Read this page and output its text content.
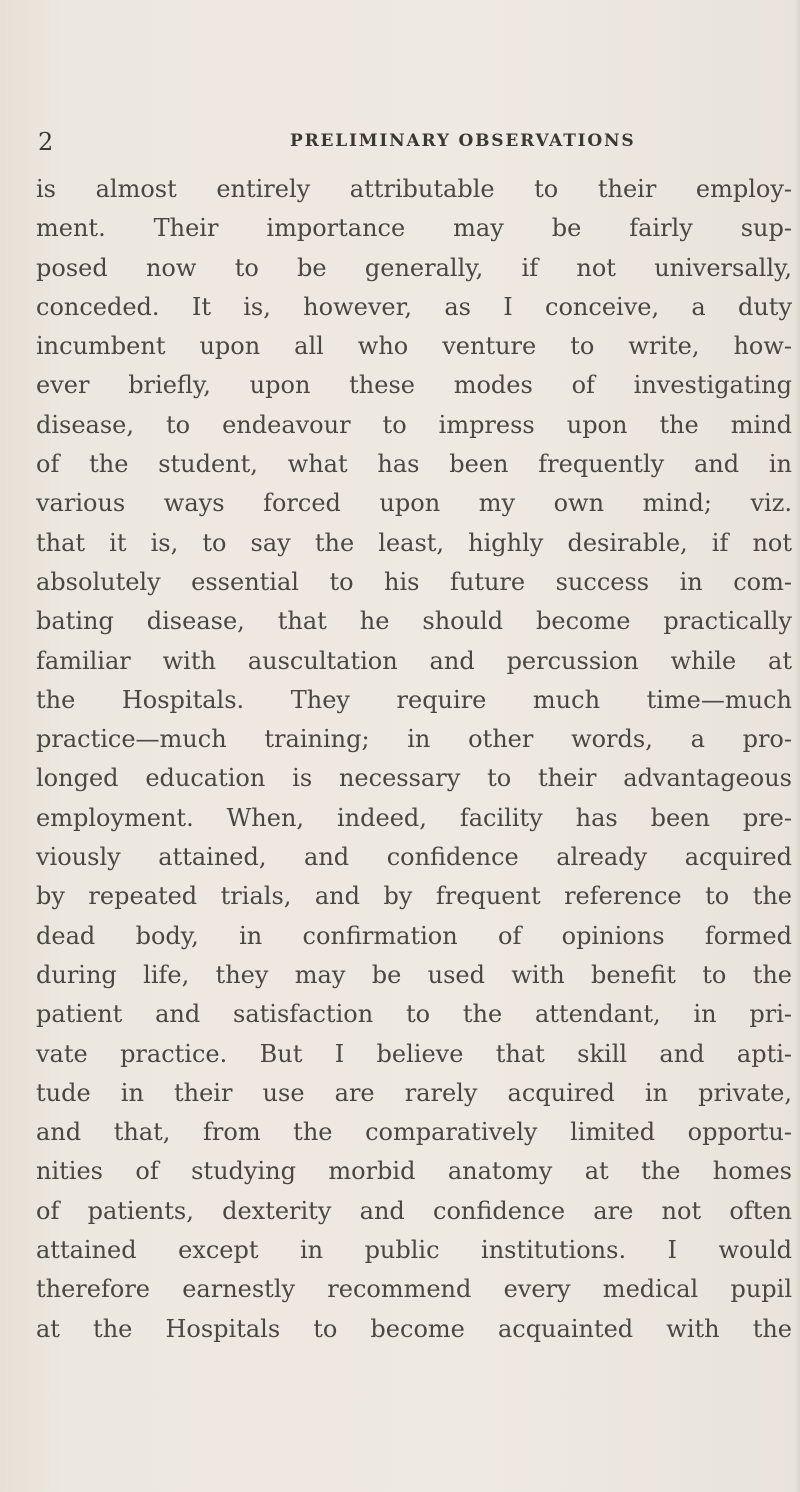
2	PRELIMINARY OBSERVATIONS
is almost entirely attributable to their employ-
ment. Their importance may be fairly sup-
posed now to be generally, if not universally,
conceded. It is, however, as I conceive, a duty
incumbent upon all who venture to write, how-
ever briefly, upon these modes of investigating
disease, to endeavour to impress upon the mind
of the student, what has been frequently and in
various ways forced upon my own mind; viz.
that it is, to say the least, highly desirable, if not
absolutely essential to his future success in com-
bating disease, that he should become practically
familiar with auscultation and percussion while at
the Hospitals. They require much time—much
practice—much training; in other words, a pro-
longed education is necessary to their advantageous
employment. When, indeed, facility has been pre-
viously attained, and confidence already acquired
by repeated trials, and by frequent reference to the
dead body, in confirmation of opinions formed
during life, they may be used with benefit to the
patient and satisfaction to the attendant, in pri-
vate practice. But I believe that skill and apti-
tude in their use are rarely acquired in private,
and that, from the comparatively limited opportu-
nities of studying morbid anatomy at the homes
of patients, dexterity and confidence are not often
attained except in public institutions. I would
therefore earnestly recommend every medical pupil
at the Hospitals to become acquainted with the
